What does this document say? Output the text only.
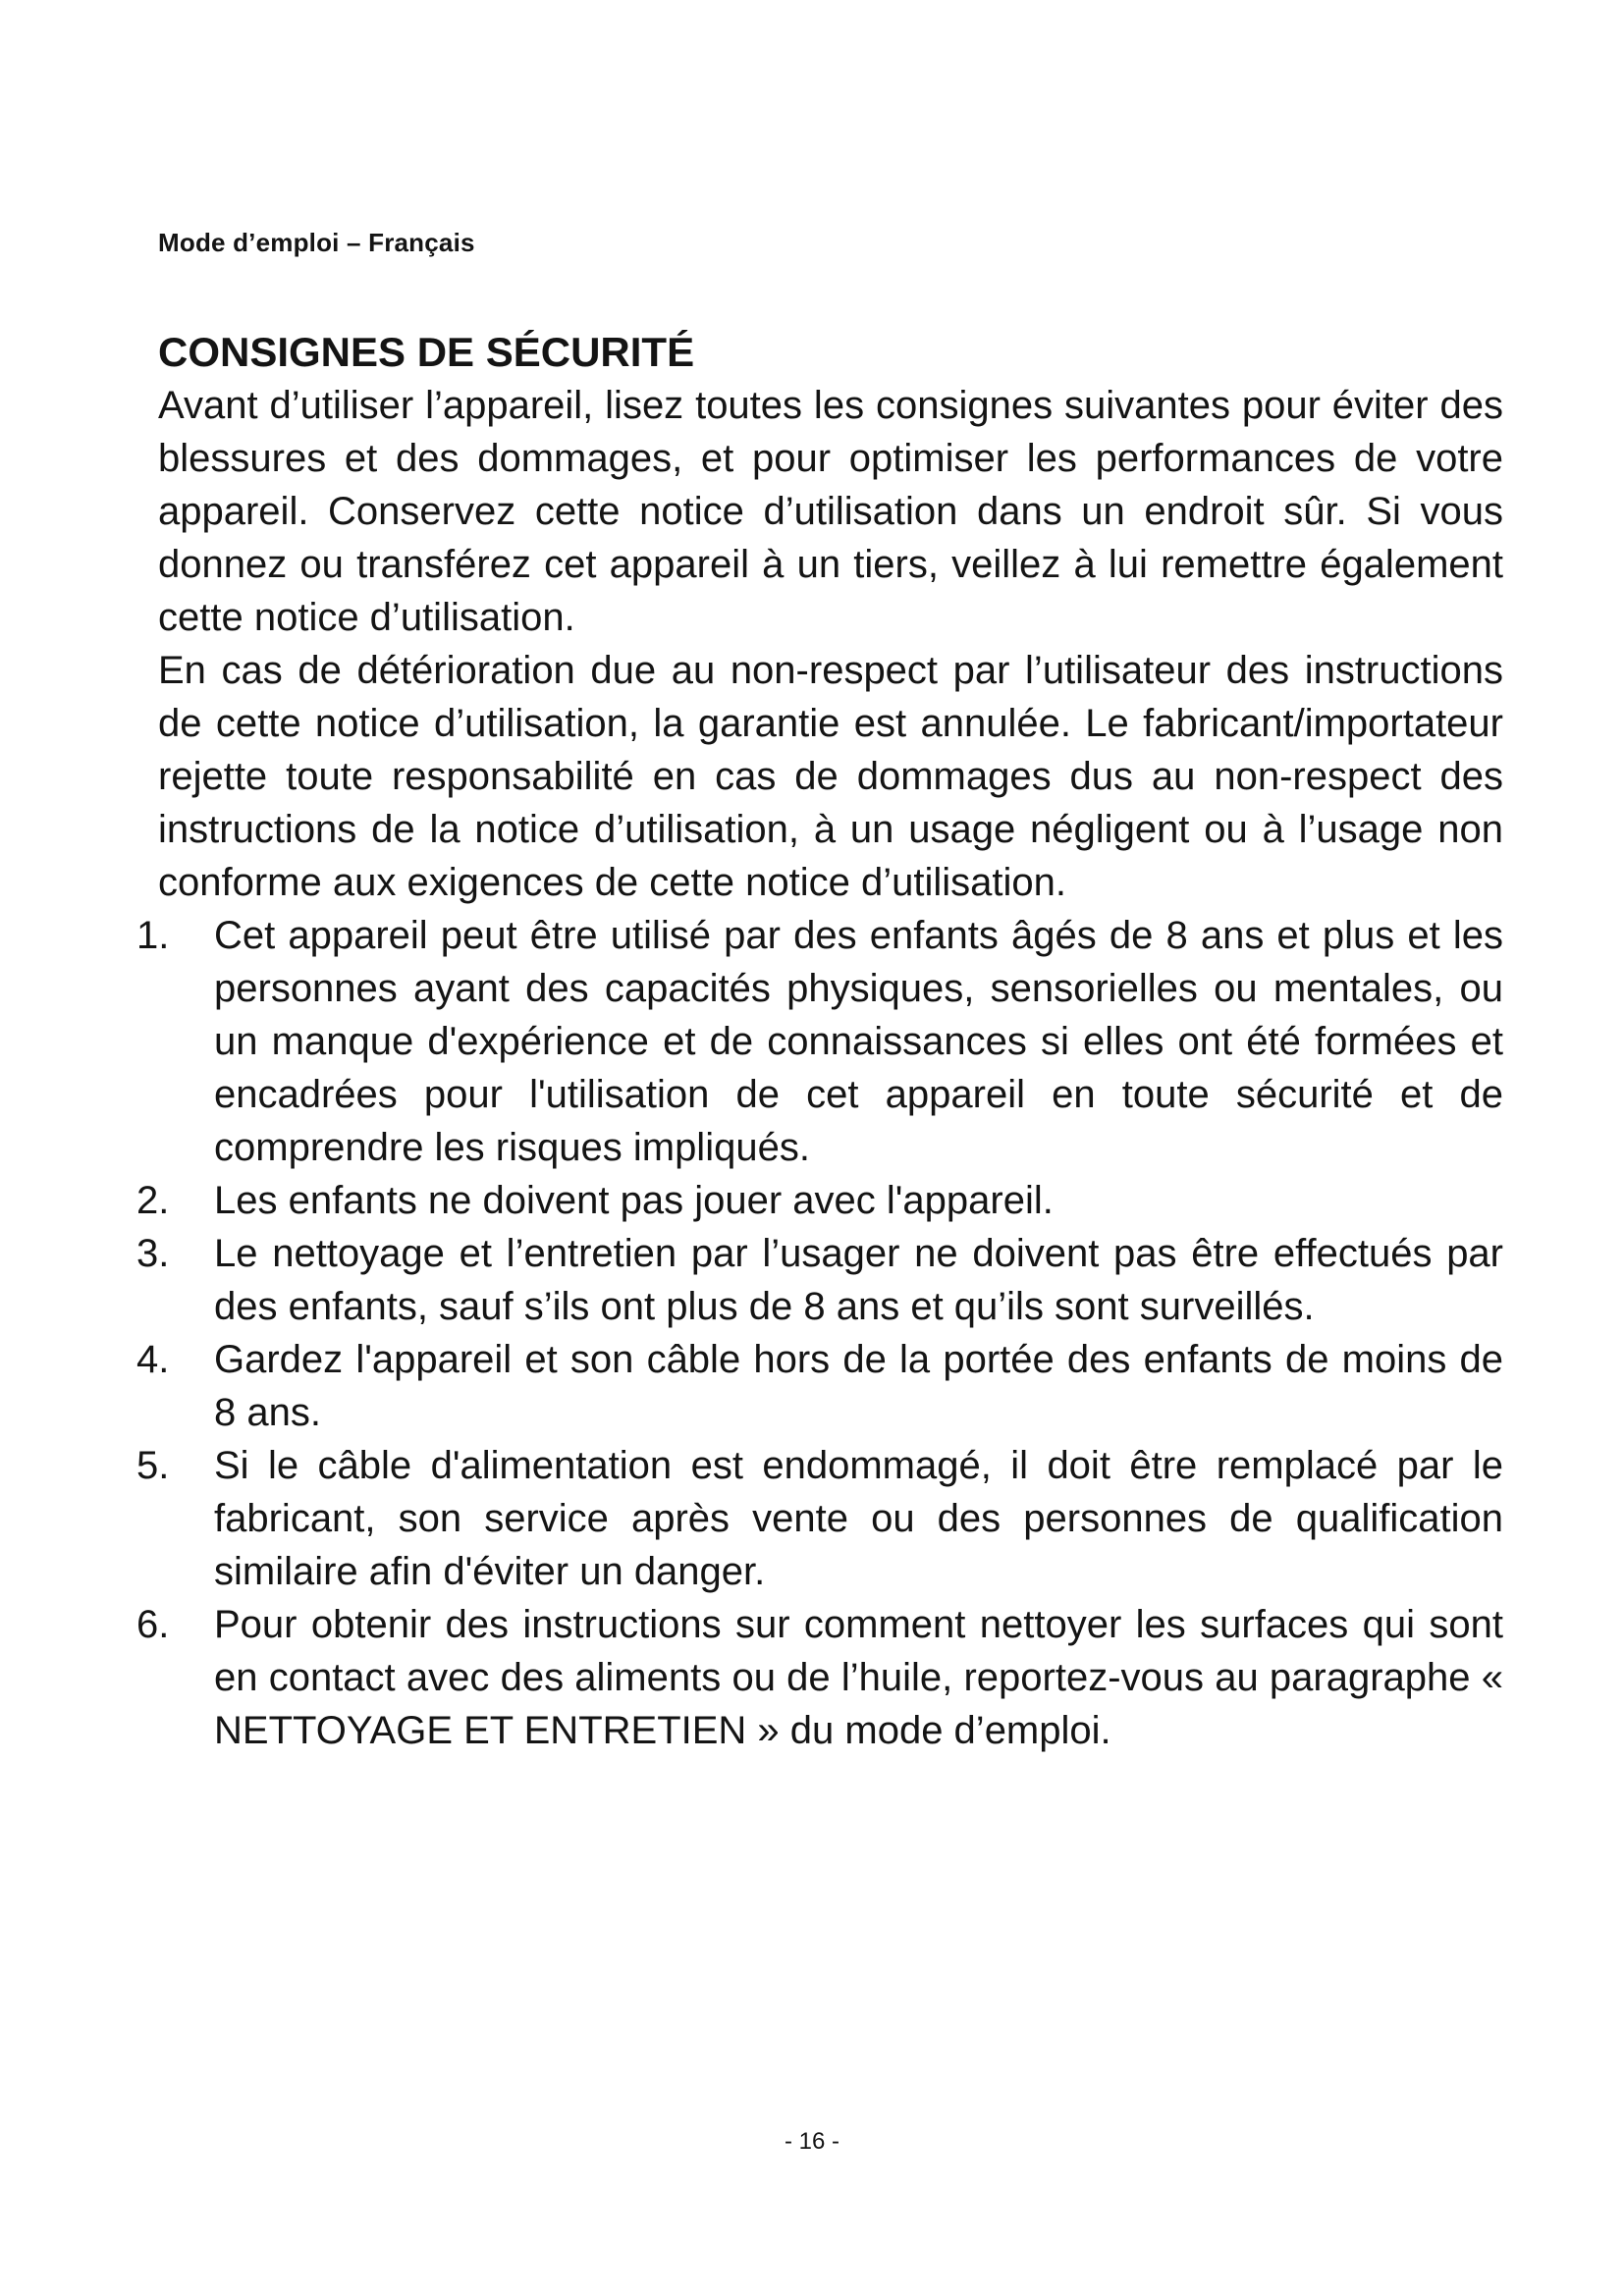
Mode d’emploi – Français
CONSIGNES DE SÉCURITÉ

Avant d’utiliser l’appareil, lisez toutes les consignes suivantes pour éviter des blessures et des dommages, et pour optimiser les performances de votre appareil. Conservez cette notice d’utilisation dans un endroit sûr. Si vous donnez ou transférez cet appareil à un tiers, veillez à lui remettre également cette notice d’utilisation.

En cas de détérioration due au non-respect par l’utilisateur des instructions de cette notice d’utilisation, la garantie est annulée. Le fabricant/importateur rejette toute responsabilité en cas de dommages dus au non-respect des instructions de la notice d’utilisation, à un usage négligent ou à l’usage non conforme aux exigences de cette notice d’utilisation.

1. Cet appareil peut être utilisé par des enfants âgés de 8 ans et plus et les personnes ayant des capacités physiques, sensorielles ou mentales, ou un manque d'expérience et de connaissances si elles ont été formées et encadrées pour l'utilisation de cet appareil en toute sécurité et de comprendre les risques impliqués.
2. Les enfants ne doivent pas jouer avec l'appareil.
3. Le nettoyage et l’entretien par l’usager ne doivent pas être effectués par des enfants, sauf s’ils ont plus de 8 ans et qu’ils sont surveillés.
4. Gardez l'appareil et son câble hors de la portée des enfants de moins de 8 ans.
5. Si le câble d'alimentation est endommagé, il doit être remplacé par le fabricant, son service après vente ou des personnes de qualification similaire afin d'éviter un danger.
6. Pour obtenir des instructions sur comment nettoyer les surfaces qui sont en contact avec des aliments ou de l’huile, reportez-vous au paragraphe « NETTOYAGE ET ENTRETIEN » du mode d’emploi.
- 16 -
